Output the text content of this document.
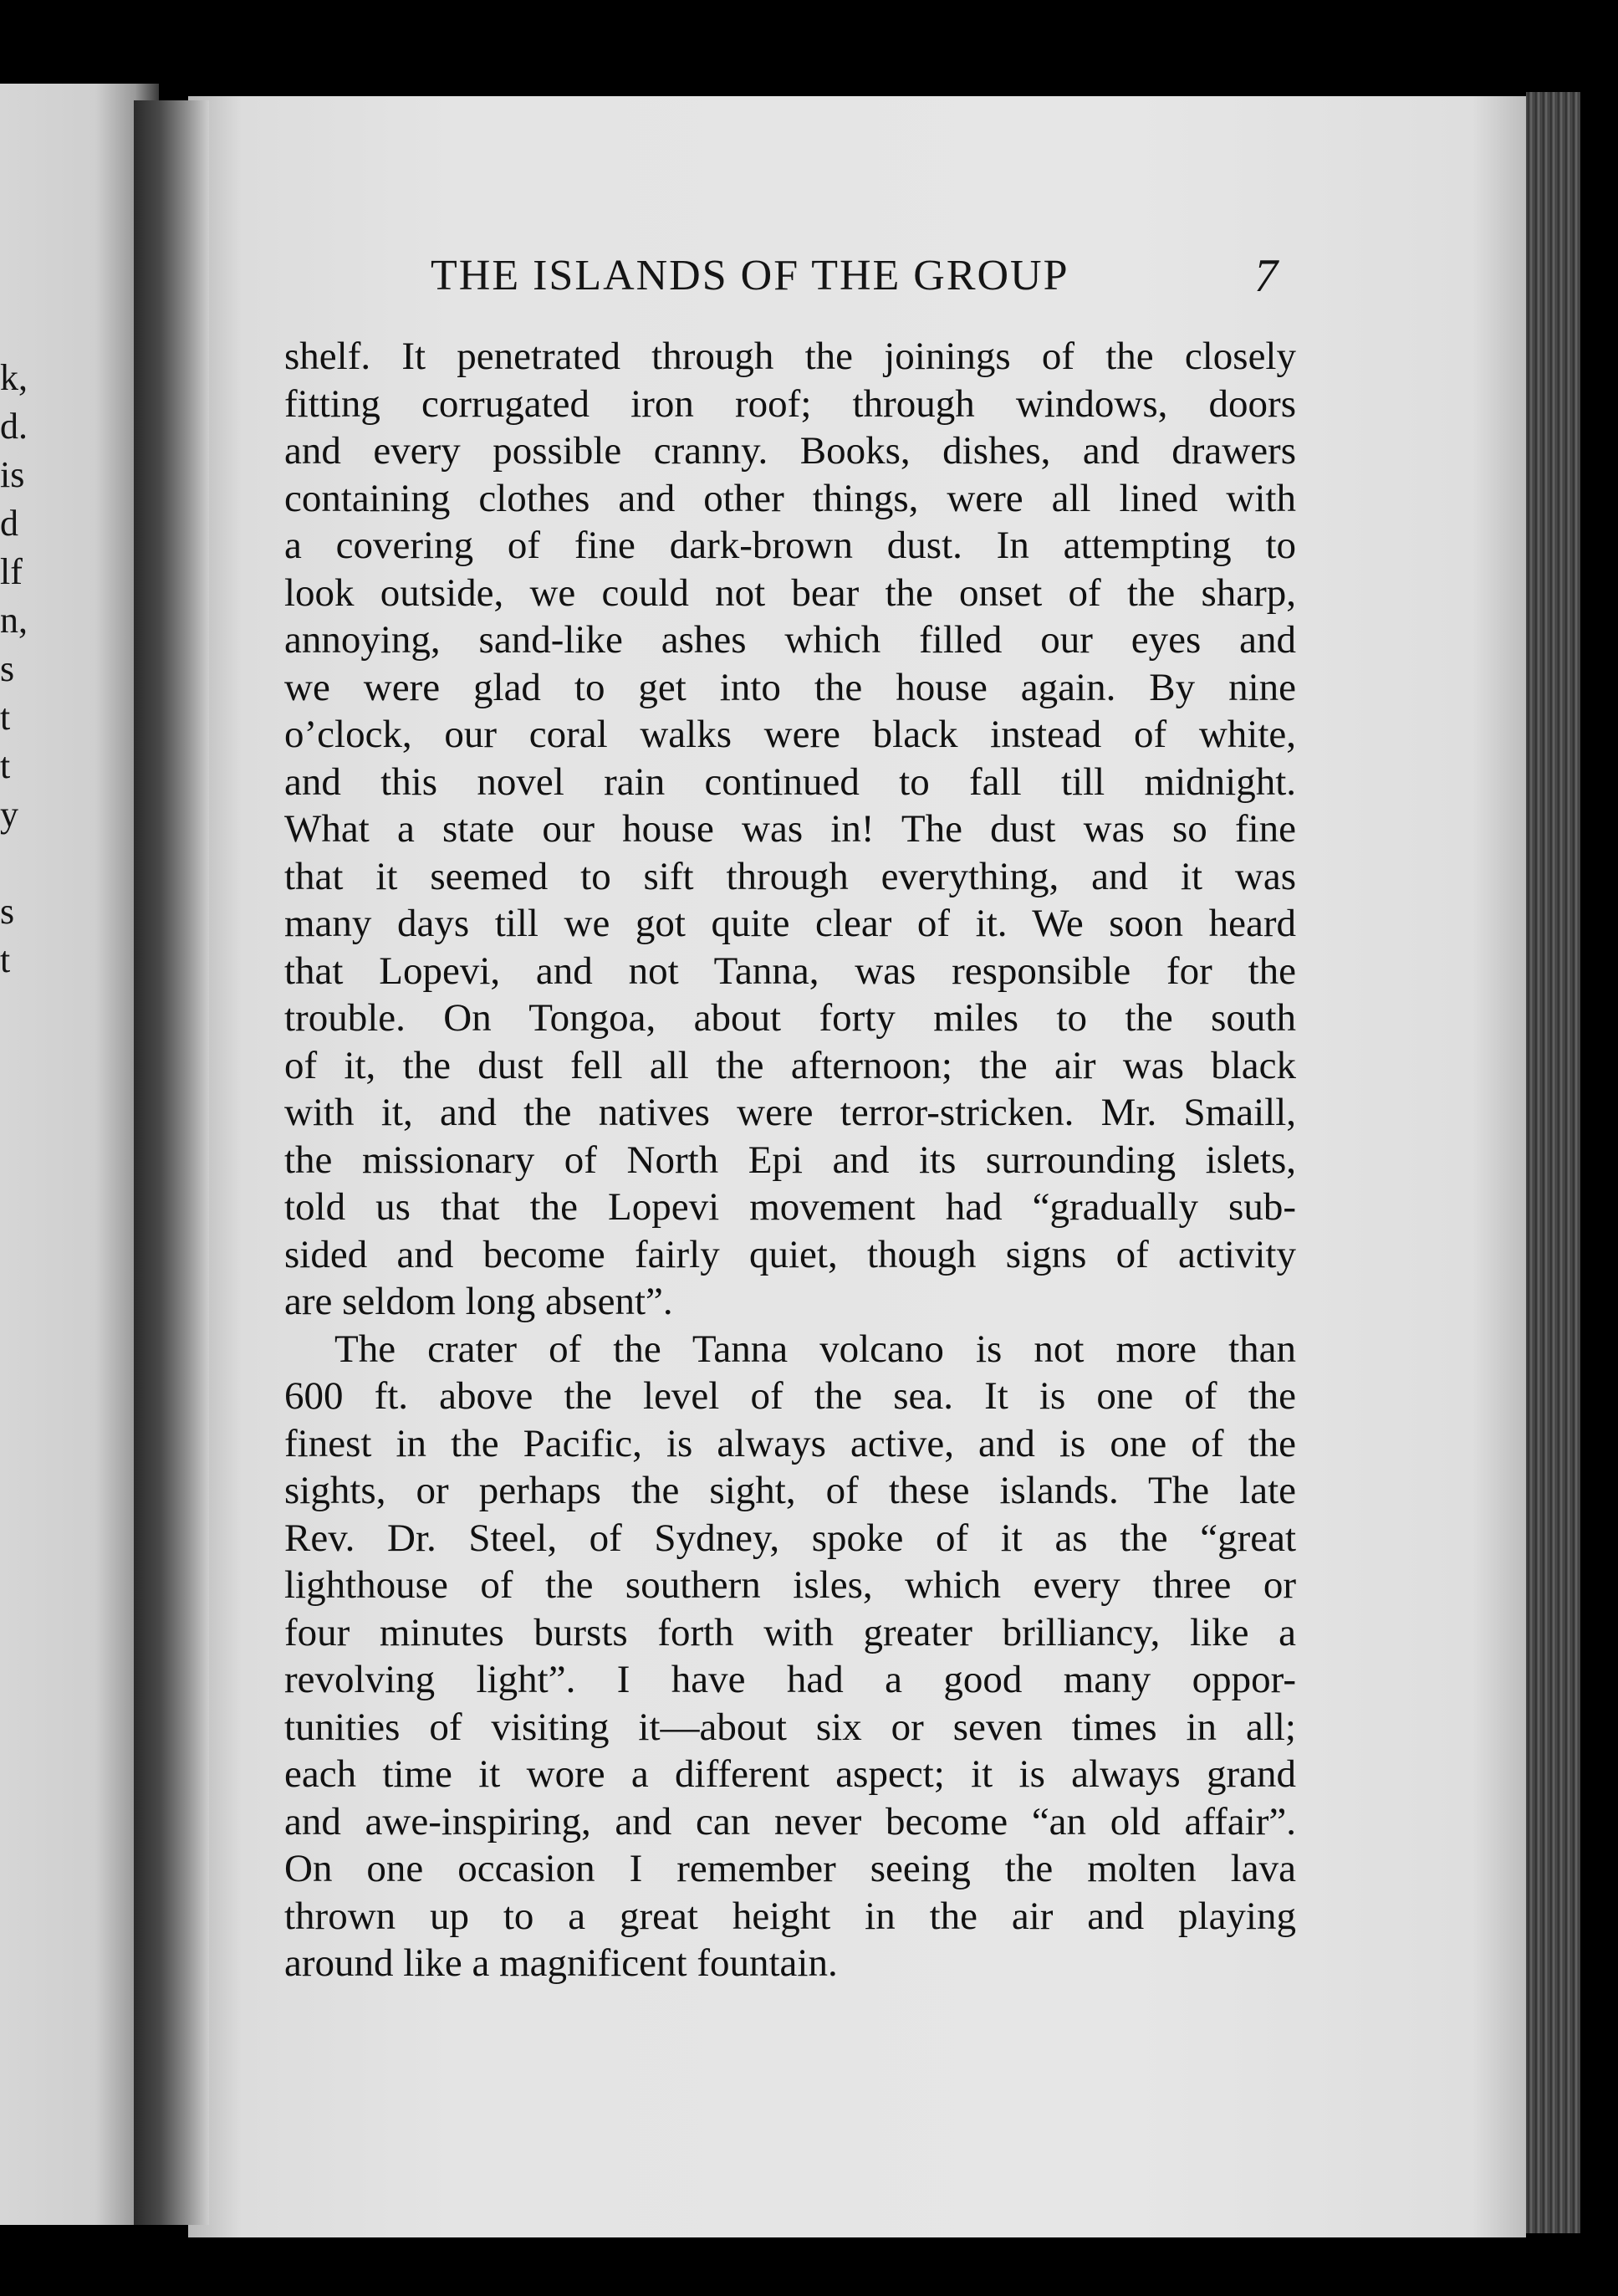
k,
d.
is
d
lf
n,
s
t
t
y
s
t
THE ISLANDS OF THE GROUP	7
shelf. It penetrated through the joinings of the closely
fitting corrugated iron roof; through windows, doors
and every possible cranny. Books, dishes, and drawers
containing clothes and other things, were all lined with
a covering of fine dark-brown dust. In attempting to
look outside, we could not bear the onset of the sharp,
annoying, sand-like ashes which filled our eyes and
we were glad to get into the house again. By nine
o’clock, our coral walks were black instead of white,
and this novel rain continued to fall till midnight.
What a state our house was in! The dust was so fine
that it seemed to sift through everything, and it was
many days till we got quite clear of it. We soon heard
that Lopevi, and not Tanna, was responsible for the
trouble. On Tongoa, about forty miles to the south
of it, the dust fell all the afternoon; the air was black
with it, and the natives were terror-stricken. Mr. Smaill,
the missionary of North Epi and its surrounding islets,
told us that the Lopevi movement had “gradually sub-
sided and become fairly quiet, though signs of activity
are seldom long absent”.
The crater of the Tanna volcano is not more than
600 ft. above the level of the sea. It is one of the
finest in the Pacific, is always active, and is one of the
sights, or perhaps the sight, of these islands. The late
Rev. Dr. Steel, of Sydney, spoke of it as the “great
lighthouse of the southern isles, which every three or
four minutes bursts forth with greater brilliancy, like a
revolving light”. I have had a good many oppor-
tunities of visiting it—about six or seven times in all;
each time it wore a different aspect; it is always grand
and awe-inspiring, and can never become “an old affair”.
On one occasion I remember seeing the molten lava
thrown up to a great height in the air and playing
around like a magnificent fountain.
